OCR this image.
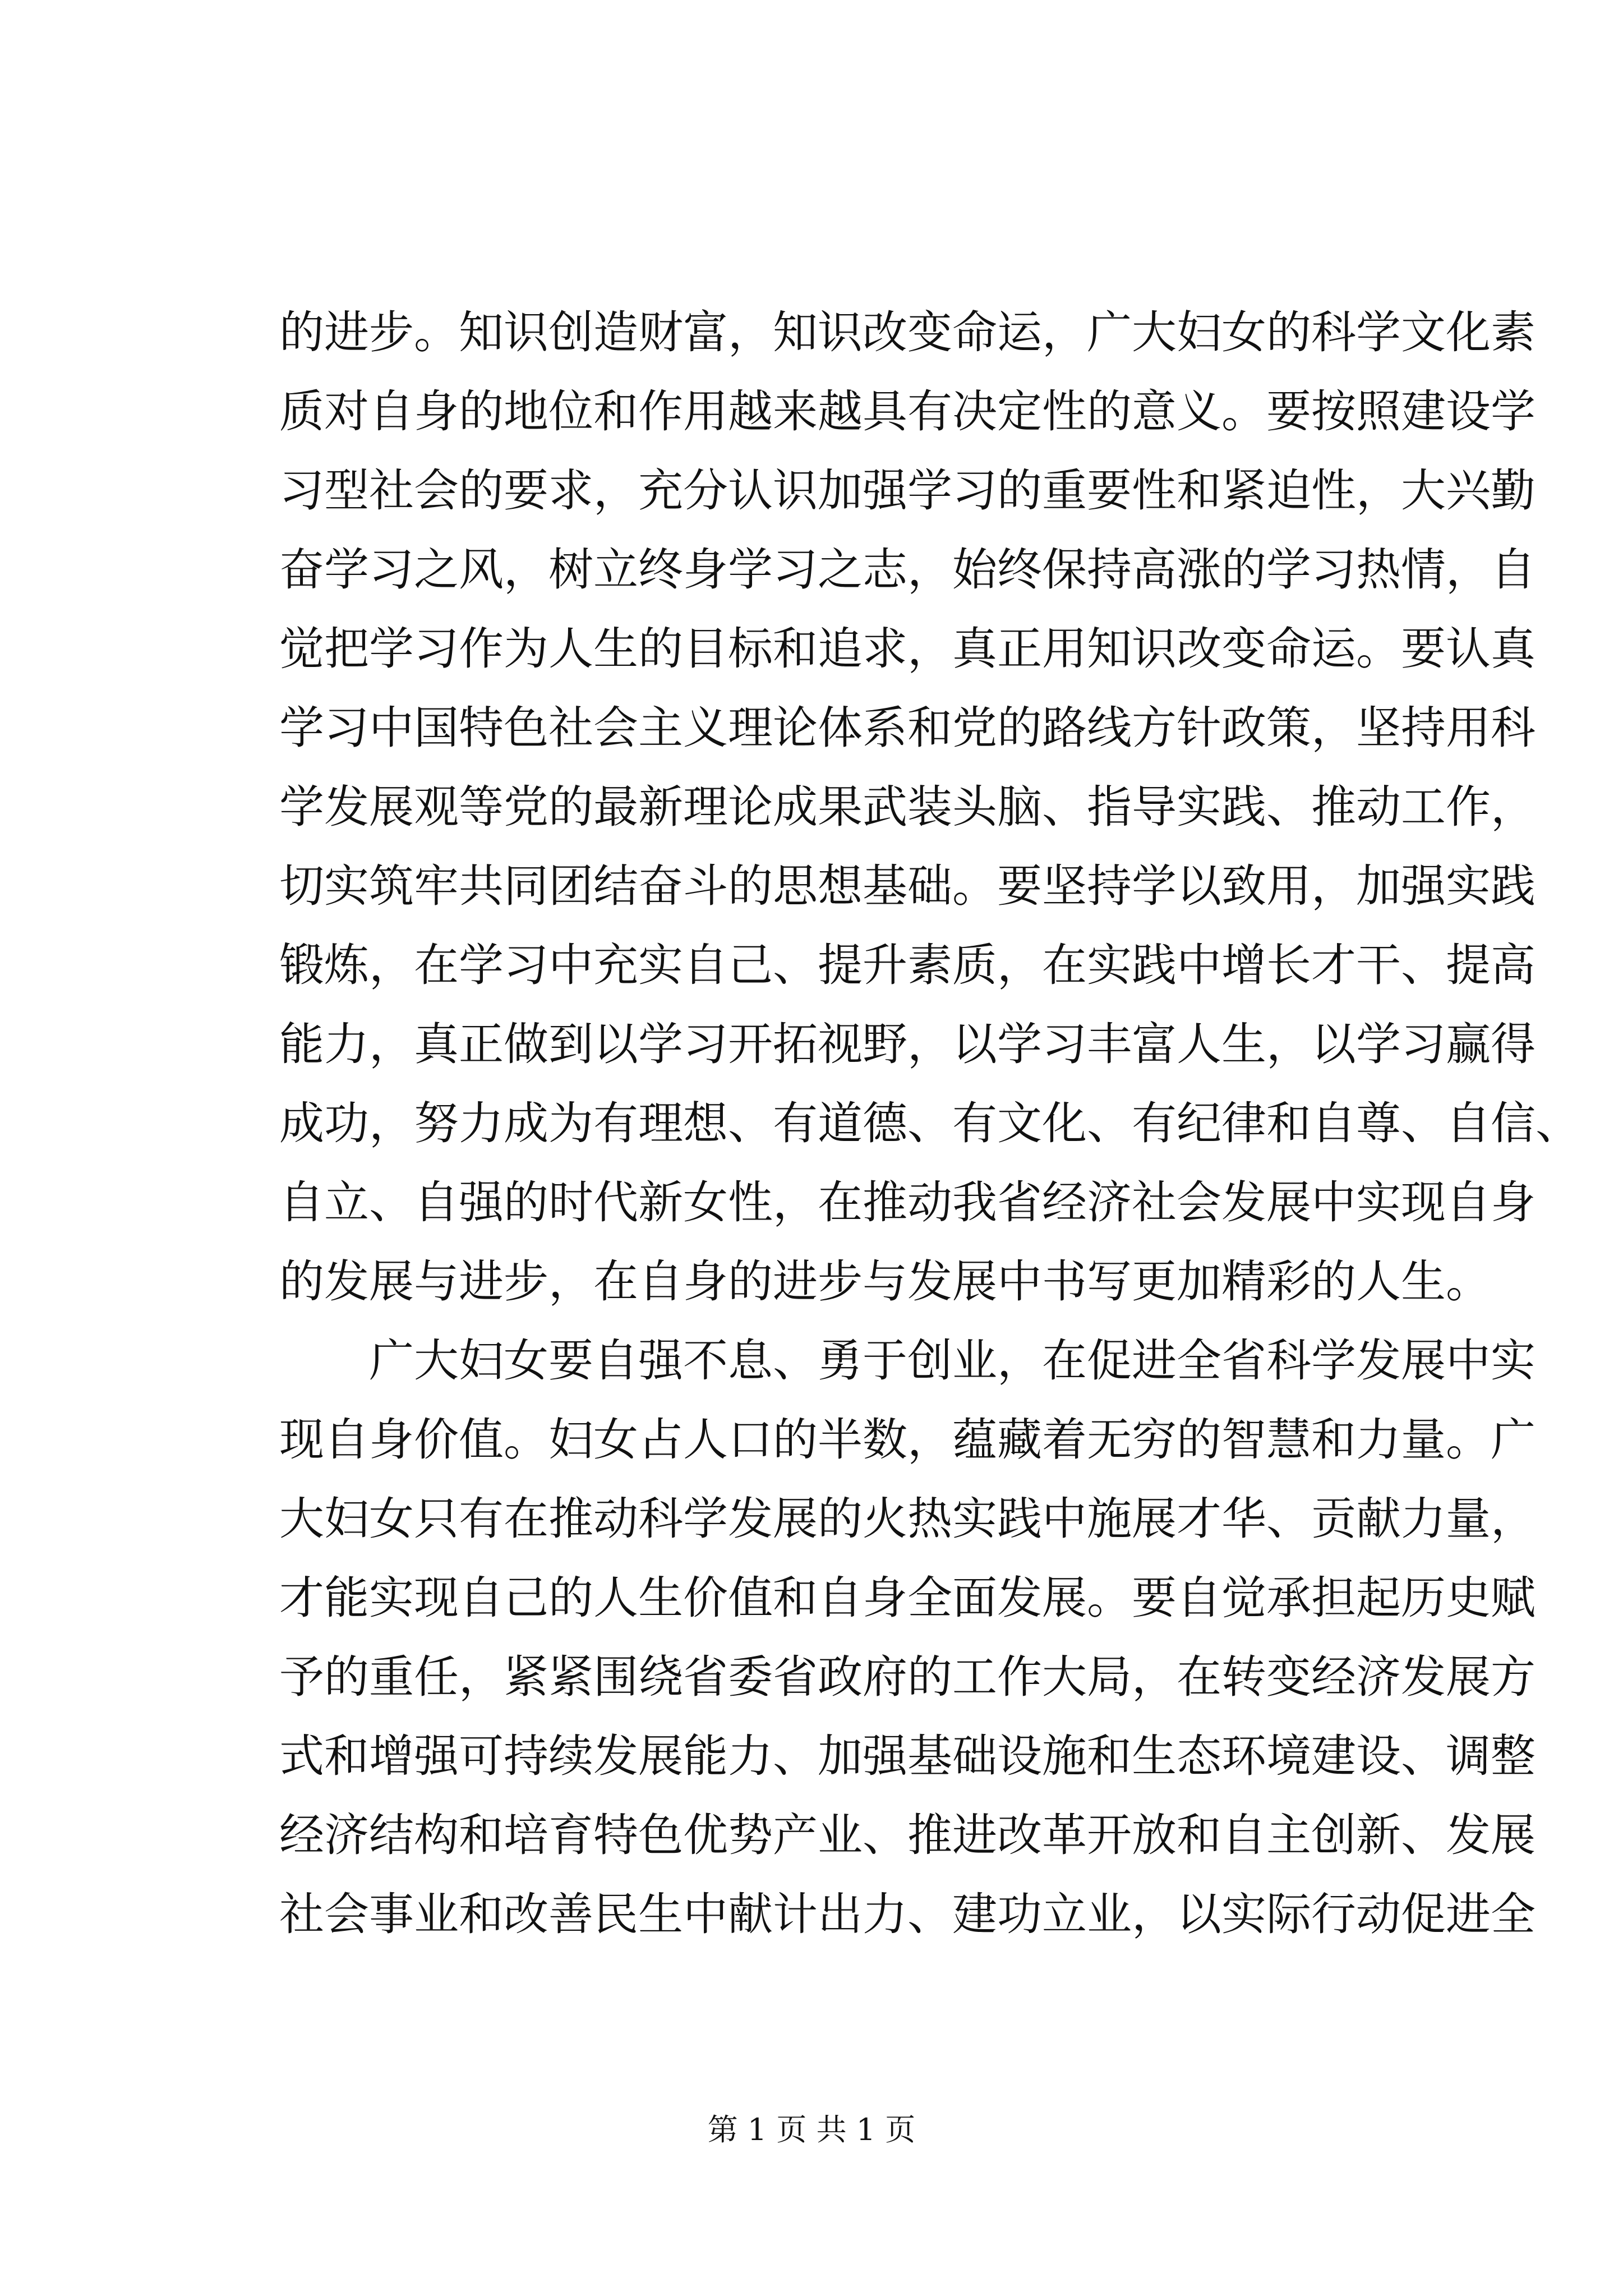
的进步。知识创造财富，知识改变命运，广大妇女的科学文化素
质对自身的地位和作用越来越具有决定性的意义。要按照建设学
习型社会的要求，充分认识加强学习的重要性和紧迫性，大兴勤
奋学习之风，树立终身学习之志，始终保持高涨的学习热情，自
觉把学习作为人生的目标和追求，真正用知识改变命运。要认真
学习中国特色社会主义理论体系和党的路线方针政策，坚持用科
学发展观等党的最新理论成果武装头脑、指导实践、推动工作，
切实筑牢共同团结奋斗的思想基础。要坚持学以致用，加强实践
锻炼，在学习中充实自己、提升素质，在实践中增长才干、提高
能力，真正做到以学习开拓视野，以学习丰富人生，以学习赢得
成功，努力成为有理想、有道德、有文化、有纪律和自尊、自信、
自立、自强的时代新女性，在推动我省经济社会发展中实现自身
的发展与进步，在自身的进步与发展中书写更加精彩的人生。
广大妇女要自强不息、勇于创业，在促进全省科学发展中实
现自身价值。妇女占人口的半数，蕴藏着无穷的智慧和力量。广
大妇女只有在推动科学发展的火热实践中施展才华、贡献力量，
才能实现自己的人生价值和自身全面发展。要自觉承担起历史赋
予的重任，紧紧围绕省委省政府的工作大局，在转变经济发展方
式和增强可持续发展能力、加强基础设施和生态环境建设、调整
经济结构和培育特色优势产业、推进改革开放和自主创新、发展
社会事业和改善民生中献计出力、建功立业，以实际行动促进全
第 1 页 共 1 页
